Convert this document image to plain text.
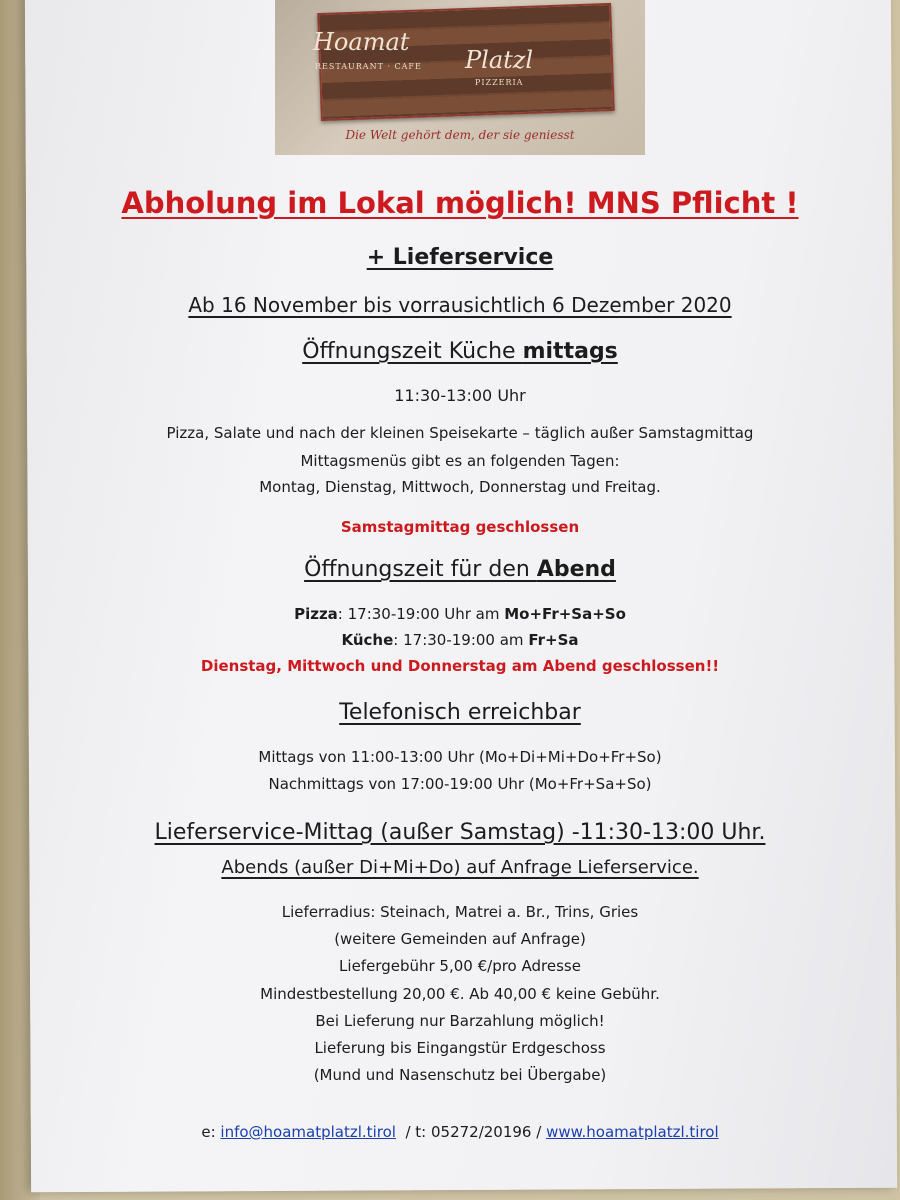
Hoamat
Platzl
RESTAURANT · CAFE
PIZZERIA
Die Welt gehört dem, der sie geniesst
Abholung im Lokal möglich! MNS Pflicht !
+ Lieferservice
Ab 16 November bis vorrausichtlich 6 Dezember 2020
Öffnungszeit Küche mittags
11:30-13:00 Uhr
Pizza, Salate und nach der kleinen Speisekarte – täglich außer Samstagmittag
Mittagsmenüs gibt es an folgenden Tagen:
Montag, Dienstag, Mittwoch, Donnerstag und Freitag.
Samstagmittag geschlossen
Öffnungszeit für den Abend
Pizza: 17:30-19:00 Uhr am Mo+Fr+Sa+So
Küche: 17:30-19:00 am Fr+Sa
Dienstag, Mittwoch und Donnerstag am Abend geschlossen!!
Telefonisch erreichbar
Mittags von 11:00-13:00 Uhr (Mo+Di+Mi+Do+Fr+So)
Nachmittags von 17:00-19:00 Uhr (Mo+Fr+Sa+So)
Lieferservice-Mittag (außer Samstag) -11:30-13:00 Uhr.
Abends (außer Di+Mi+Do) auf Anfrage Lieferservice.
Lieferradius: Steinach, Matrei a. Br., Trins, Gries
(weitere Gemeinden auf Anfrage)
Liefergebühr 5,00 €/pro Adresse
Mindestbestellung 20,00 €. Ab 40,00 € keine Gebühr.
Bei Lieferung nur Barzahlung möglich!
Lieferung bis Eingangstür Erdgeschoss
(Mund und Nasenschutz bei Übergabe)
e: info@hoamatplatzl.tirol  / t: 05272/20196 / www.hoamatplatzl.tirol
